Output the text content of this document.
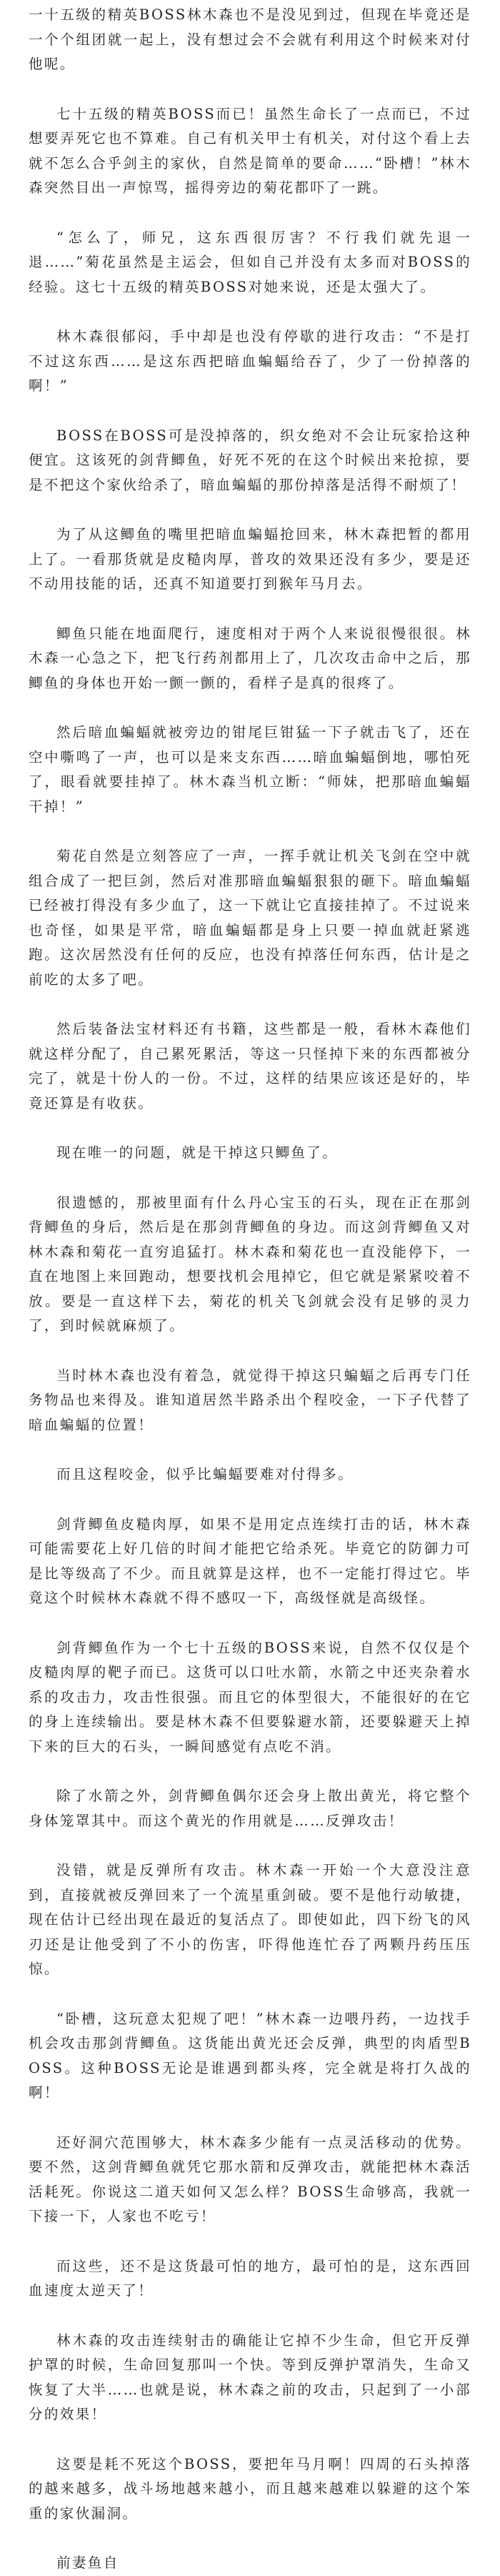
一十五级的精英BOSS林木森也不是没见到过，但现在毕竟还是一个个组团就一起上，没有想过会不会就有利用这个时候来对付他呢。

七十五级的精英BOSS而已！虽然生命长了一点而已，不过想要弄死它也不算难。自己有机关甲士有机关，对付这个看上去就不怎么合乎剑主的家伙，自然是简单的要命……“卧槽！”林木森突然目出一声惊骂，摇得旁边的菊花都吓了一跳。

“怎么了，师兄，这东西很厉害？不行我们就先退一退……”菊花虽然是主运会，但如自己并没有太多而对BOSS的经验。这七十五级的精英BOSS对她来说，还是太强大了。

林木森很郁闷，手中却是也没有停歇的进行攻击：“不是打不过这东西……是这东西把暗血蝙蝠给吞了，少了一份掉落的啊！”

BOSS在BOSS可是没掉落的，织女绝对不会让玩家拾这种便宜。这该死的剑背鲫鱼，好死不死的在这个时候出来抢掠，要是不把这个家伙给杀了，暗血蝙蝠的那份掉落是活得不耐烦了！

为了从这鲫鱼的嘴里把暗血蝙蝠抢回来，林木森把暂的都用上了。一看那货就是皮糙肉厚，普攻的效果还没有多少，要是还不动用技能的话，还真不知道要打到猴年马月去。

鲫鱼只能在地面爬行，速度相对于两个人来说很慢很很。林木森一心急之下，把飞行药剂都用上了，几次攻击命中之后，那鲫鱼的身体也开始一颤一颤的，看样子是真的很疼了。

然后暗血蝙蝠就被旁边的钳尾巨钳猛一下子就击飞了，还在空中嘶鸣了一声，也可以是来支东西……暗血蝙蝠倒地，哪怕死了，眼看就要挂掉了。林木森当机立断：“师妹，把那暗血蝙蝠干掉！”

菊花自然是立刻答应了一声，一挥手就让机关飞剑在空中就组合成了一把巨剑，然后对准那暗血蝙蝠狠狠的砸下。暗血蝙蝠已经被打得没有多少血了，这一下就让它直接挂掉了。不过说来也奇怪，如果是平常，暗血蝙蝠都是身上只要一掉血就赶紧逃跑。这次居然没有任何的反应，也没有掉落任何东西，估计是之前吃的太多了吧。

然后装备法宝材料还有书籍，这些都是一般，看林木森他们就这样分配了，自己累死累活，等这一只怪掉下来的东西都被分完了，就是十份人的一份。不过，这样的结果应该还是好的，毕竟还算是有收获。

现在唯一的问题，就是干掉这只鲫鱼了。

很遗憾的，那被里面有什么丹心宝玉的石头，现在正在那剑背鲫鱼的身后，然后是在那剑背鲫鱼的身边。而这剑背鲫鱼又对林木森和菊花一直穷追猛打。林木森和菊花也一直没能停下，一直在地图上来回跑动，想要找机会甩掉它，但它就是紧紧咬着不放。要是一直这样下去，菊花的机关飞剑就会没有足够的灵力了，到时候就麻烦了。

当时林木森也没有着急，就觉得干掉这只蝙蝠之后再专门任务物品也来得及。谁知道居然半路杀出个程咬金，一下子代替了暗血蝙蝠的位置！

而且这程咬金，似乎比蝙蝠要难对付得多。

剑背鲫鱼皮糙肉厚，如果不是用定点连续打击的话，林木森可能需要花上好几倍的时间才能把它给杀死。毕竟它的防御力可是比等级高了不少。而且就算是这样，也不一定能打得过它。毕竟这个时候林木森就不得不感叹一下，高级怪就是高级怪。

剑背鲫鱼作为一个七十五级的BOSS来说，自然不仅仅是个皮糙肉厚的靶子而已。这货可以口吐水箭，水箭之中还夹杂着水系的攻击力，攻击性很强。而且它的体型很大，不能很好的在它的身上连续输出。要是林木森不但要躲避水箭，还要躲避天上掉下来的巨大的石头，一瞬间感觉有点吃不消。

除了水箭之外，剑背鲫鱼偶尔还会身上散出黄光，将它整个身体笼罩其中。而这个黄光的作用就是……反弹攻击！

没错，就是反弹所有攻击。林木森一开始一个大意没注意到，直接就被反弹回来了一个流星重剑破。要不是他行动敏捷，现在估计已经出现在最近的复活点了。即使如此，四下纷飞的风刃还是让他受到了不小的伤害，吓得他连忙吞了两颗丹药压压惊。

“卧槽，这玩意太犯规了吧！”林木森一边喂丹药，一边找手机会攻击那剑背鲫鱼。这货能出黄光还会反弹，典型的肉盾型BOSS。这种BOSS无论是谁遇到都头疼，完全就是将打久战的啊！

还好洞穴范围够大，林木森多少能有一点灵活移动的优势。要不然，这剑背鲫鱼就凭它那水箭和反弹攻击，就能把林木森活活耗死。你说这二道天如何又怎么样？BOSS生命够高，我就一下接一下，人家也不吃亏！

而这些，还不是这货最可怕的地方，最可怕的是，这东西回血速度太逆天了！

林木森的攻击连续射击的确能让它掉不少生命，但它开反弹护罩的时候，生命回复那叫一个快。等到反弹护罩消失，生命又恢复了大半……也就是说，林木森之前的攻击，只起到了一小部分的效果！

这要是耗不死这个BOSS，要把年马月啊！四周的石头掉落的越来越多，战斗场地越来越小，而且越来越难以躲避的这个笨重的家伙漏洞。

前妻鱼自
